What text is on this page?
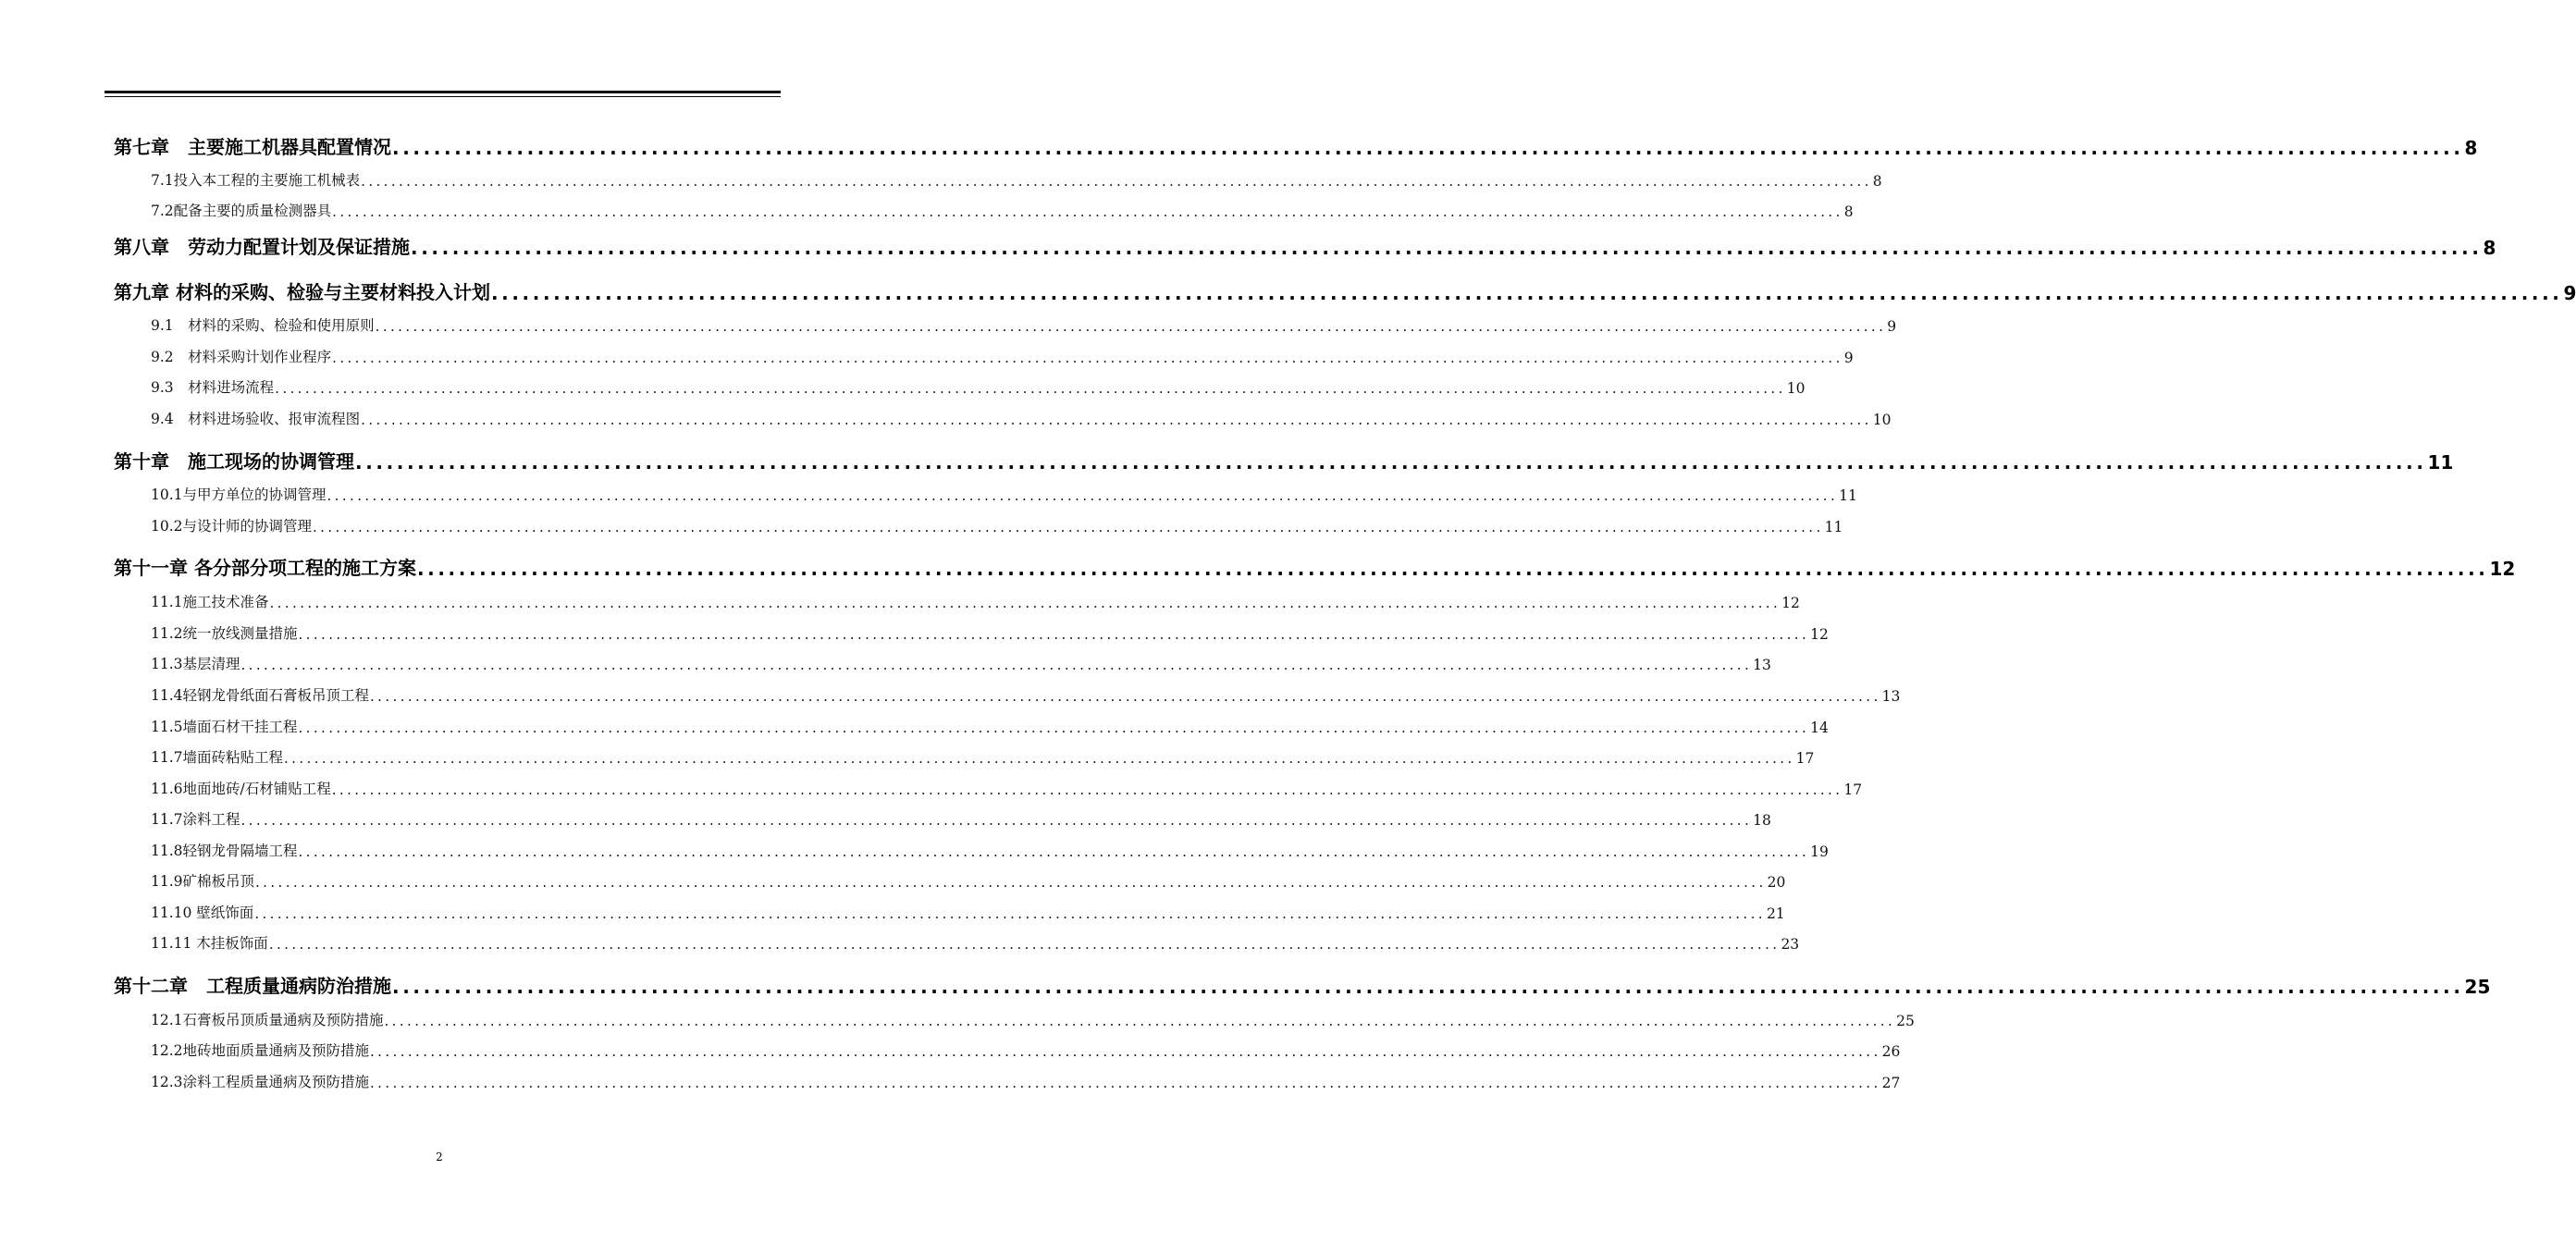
第七章　主要施工机器具配置情况 ........................................................................................................................................................................................................ 8
7.1投入本工程的主要施工机械表 ........................................................................................................................................................................................................ 8
7.2配备主要的质量检测器具 ........................................................................................................................................................................................................ 8
第八章　劳动力配置计划及保证措施 ........................................................................................................................................................................................................ 8
第九章 材料的采购、检验与主要材料投入计划 ........................................................................................................................................................................................................ 9
9.1　材料的采购、检验和使用原则 ........................................................................................................................................................................................................ 9
9.2　材料采购计划作业程序 ........................................................................................................................................................................................................ 9
9.3　材料进场流程 ........................................................................................................................................................................................................ 10
9.4　材料进场验收、报审流程图 ........................................................................................................................................................................................................ 10
第十章　施工现场的协调管理 ........................................................................................................................................................................................................ 11
10.1与甲方单位的协调管理 ........................................................................................................................................................................................................ 11
10.2与设计师的协调管理 ........................................................................................................................................................................................................ 11
第十一章 各分部分项工程的施工方案 ........................................................................................................................................................................................................ 12
11.1施工技术准备 ........................................................................................................................................................................................................ 12
11.2统一放线测量措施 ........................................................................................................................................................................................................ 12
11.3基层清理 ........................................................................................................................................................................................................ 13
11.4轻钢龙骨纸面石膏板吊顶工程 ........................................................................................................................................................................................................ 13
11.5墙面石材干挂工程 ........................................................................................................................................................................................................ 14
11.7墙面砖粘贴工程 ........................................................................................................................................................................................................ 17
11.6地面地砖/石材铺贴工程 ........................................................................................................................................................................................................ 17
11.7涂料工程 ........................................................................................................................................................................................................ 18
11.8轻钢龙骨隔墙工程 ........................................................................................................................................................................................................ 19
11.9矿棉板吊顶 ........................................................................................................................................................................................................ 20
11.10 壁纸饰面 ........................................................................................................................................................................................................ 21
11.11 木挂板饰面 ........................................................................................................................................................................................................ 23
第十二章　工程质量通病防治措施 ........................................................................................................................................................................................................ 25
12.1石膏板吊顶质量通病及预防措施 ........................................................................................................................................................................................................ 25
12.2地砖地面质量通病及预防措施 ........................................................................................................................................................................................................ 26
12.3涂料工程质量通病及预防措施 ........................................................................................................................................................................................................ 27
2
